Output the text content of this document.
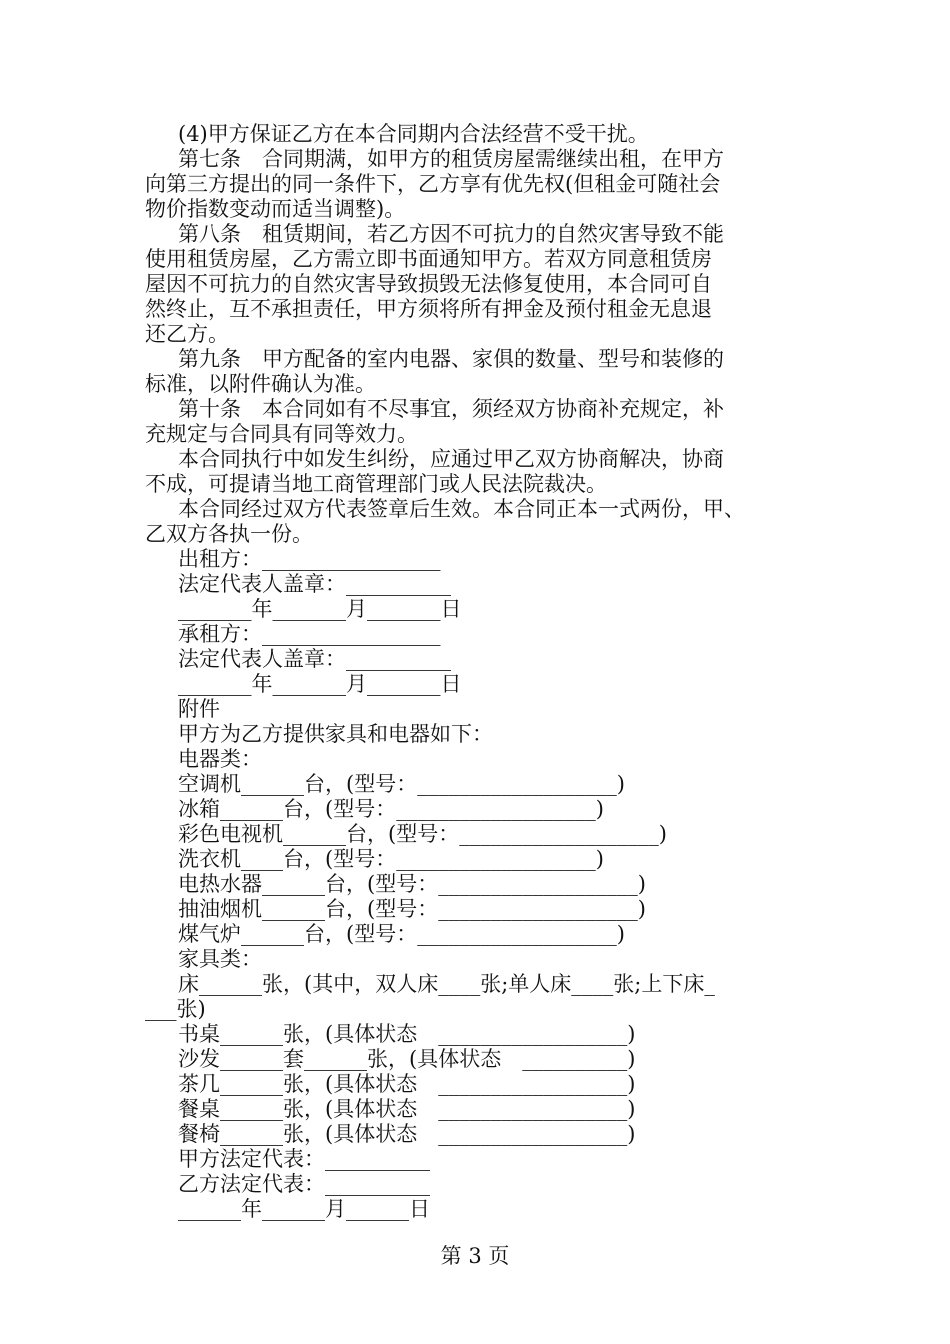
(4)甲方保证乙方在本合同期内合法经营不受干扰。
第七条　合同期满，如甲方的租赁房屋需继续出租，在甲方
向第三方提出的同一条件下，乙方享有优先权(但租金可随社会
物价指数变动而适当调整)。
第八条　租赁期间，若乙方因不可抗力的自然灾害导致不能
使用租赁房屋，乙方需立即书面通知甲方。若双方同意租赁房
屋因不可抗力的自然灾害导致损毁无法修复使用，本合同可自
然终止，互不承担责任，甲方须将所有押金及预付租金无息退
还乙方。
第九条　甲方配备的室内电器、家俱的数量、型号和装修的
标准，以附件确认为准。
第十条　本合同如有不尽事宜，须经双方协商补充规定，补
充规定与合同具有同等效力。
本合同执行中如发生纠纷，应通过甲乙双方协商解决，协商
不成，可提请当地工商管理部门或人民法院裁决。
本合同经过双方代表签章后生效。本合同正本一式两份，甲、
乙双方各执一份。
出租方：_________________
法定代表人盖章：__________
_______年_______月_______日
承租方：_________________
法定代表人盖章：__________
_______年_______月_______日
附件
甲方为乙方提供家具和电器如下：
电器类：
空调机______台，(型号：___________________)
冰箱______台，(型号：___________________)
彩色电视机______台，(型号：___________________)
洗衣机____台，(型号：___________________)
电热水器______台，(型号：___________________)
抽油烟机______台，(型号：___________________)
煤气炉______台，(型号：___________________)
家具类：
床______张，(其中，双人床____张;单人床____张;上下床_
___张)
书桌______张，(具体状态　__________________)
沙发______套______张，(具体状态　__________)
茶几______张，(具体状态　__________________)
餐桌______张，(具体状态　__________________)
餐椅______张，(具体状态　__________________)
甲方法定代表：__________
乙方法定代表：__________
______年______月______日
第 3 页
